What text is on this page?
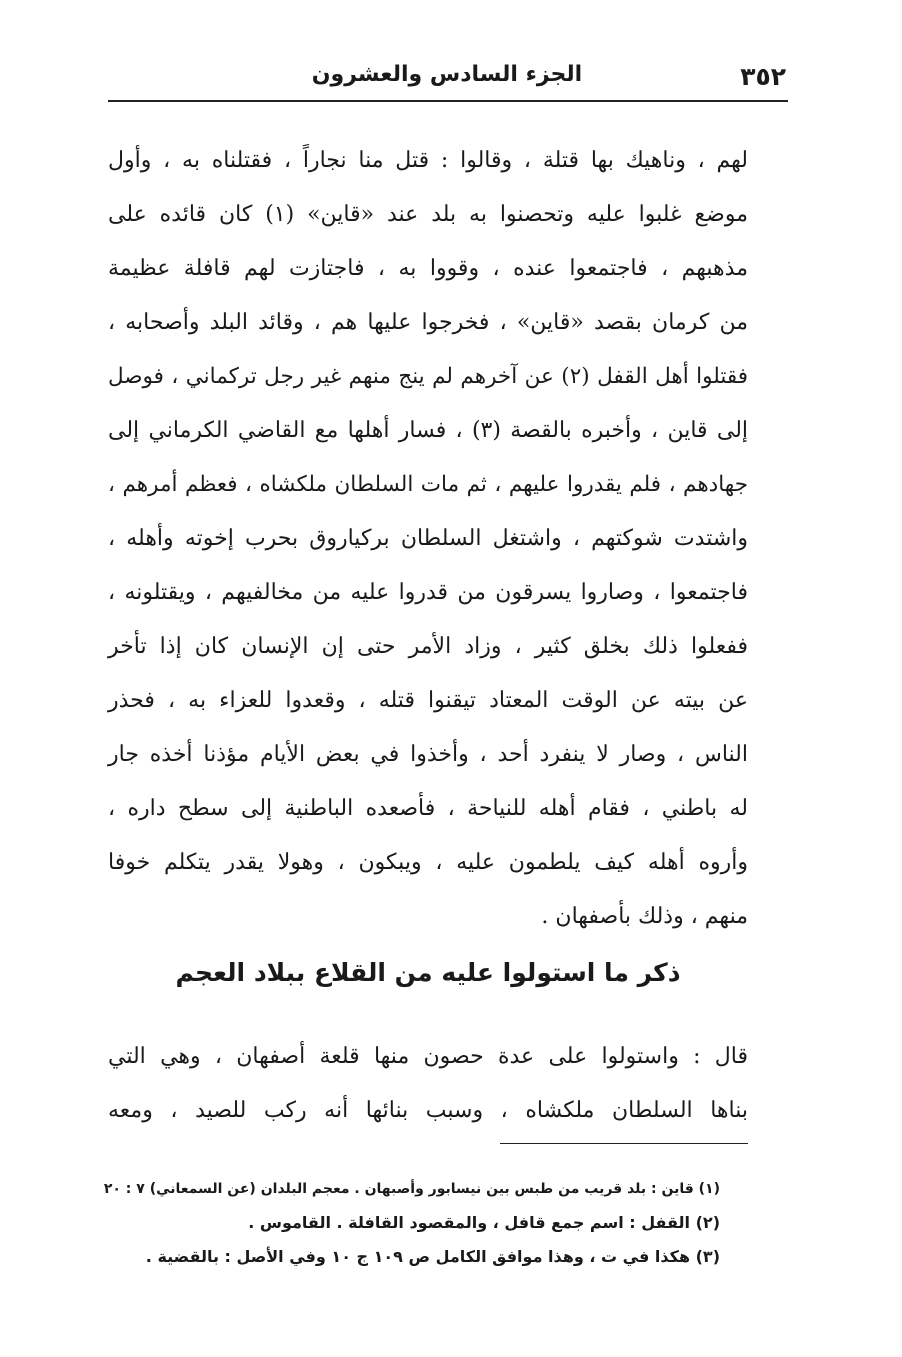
٣٥٢
الجزء السادس والعشرون
لهم ، وناهيك بها قتلة ، وقالوا : قتل منا نجاراً ، فقتلناه به ، وأول
موضع غلبوا عليه وتحصنوا به بلد عند «قاين» (١) كان قائده على
مذهبهم ، فاجتمعوا عنده ، وقووا به ، فاجتازت لهم قافلة عظيمة
من كرمان بقصد «قاين» ، فخرجوا عليها هم ، وقائد البلد وأصحابه ،
فقتلوا أهل القفل (٢) عن آخرهم لم ينج منهم غير رجل تركماني ، فوصل
إلى قاين ، وأخبره بالقصة (٣) ، فسار أهلها مع القاضي الكرماني إلى
جهادهم ، فلم يقدروا عليهم ، ثم مات السلطان ملكشاه ، فعظم أمرهم ،
واشتدت شوكتهم ، واشتغل السلطان بركياروق بحرب إخوته وأهله ،
فاجتمعوا ، وصاروا يسرقون من قدروا عليه من مخالفيهم ، ويقتلونه ،
ففعلوا ذلك بخلق كثير ، وزاد الأمر حتى إن الإنسان كان إذا تأخر
عن بيته عن الوقت المعتاد تيقنوا قتله ، وقعدوا للعزاء به ، فحذر
الناس ، وصار لا ينفرد أحد ، وأخذوا في بعض الأيام مؤذنا أخذه جار
له باطني ، فقام أهله للنياحة ، فأصعده الباطنية إلى سطح داره ،
وأروه أهله كيف يلطمون عليه ، ويبكون ، وهولا يقدر يتكلم خوفا
منهم ، وذلك بأصفهان .
ذكر ما استولوا عليه من القلاع ببلاد العجم
قال : واستولوا على عدة حصون منها قلعة أصفهان ، وهي التي
بناها السلطان ملكشاه ، وسبب بنائها أنه ركب للصيد ، ومعه
(١) قاين : بلد قريب من طبس بين نيسابور وأصبهان . معجم البلدان (عن السمعاني) ٧ : ٢٠
(٢) القفل : اسم جمع قافل ، والمقصود القافلة . القاموس .
(٣) هكذا في ت ، وهذا موافق الكامل ص ١٠٩ ج ١٠ وفي الأصل : بالقضية .
